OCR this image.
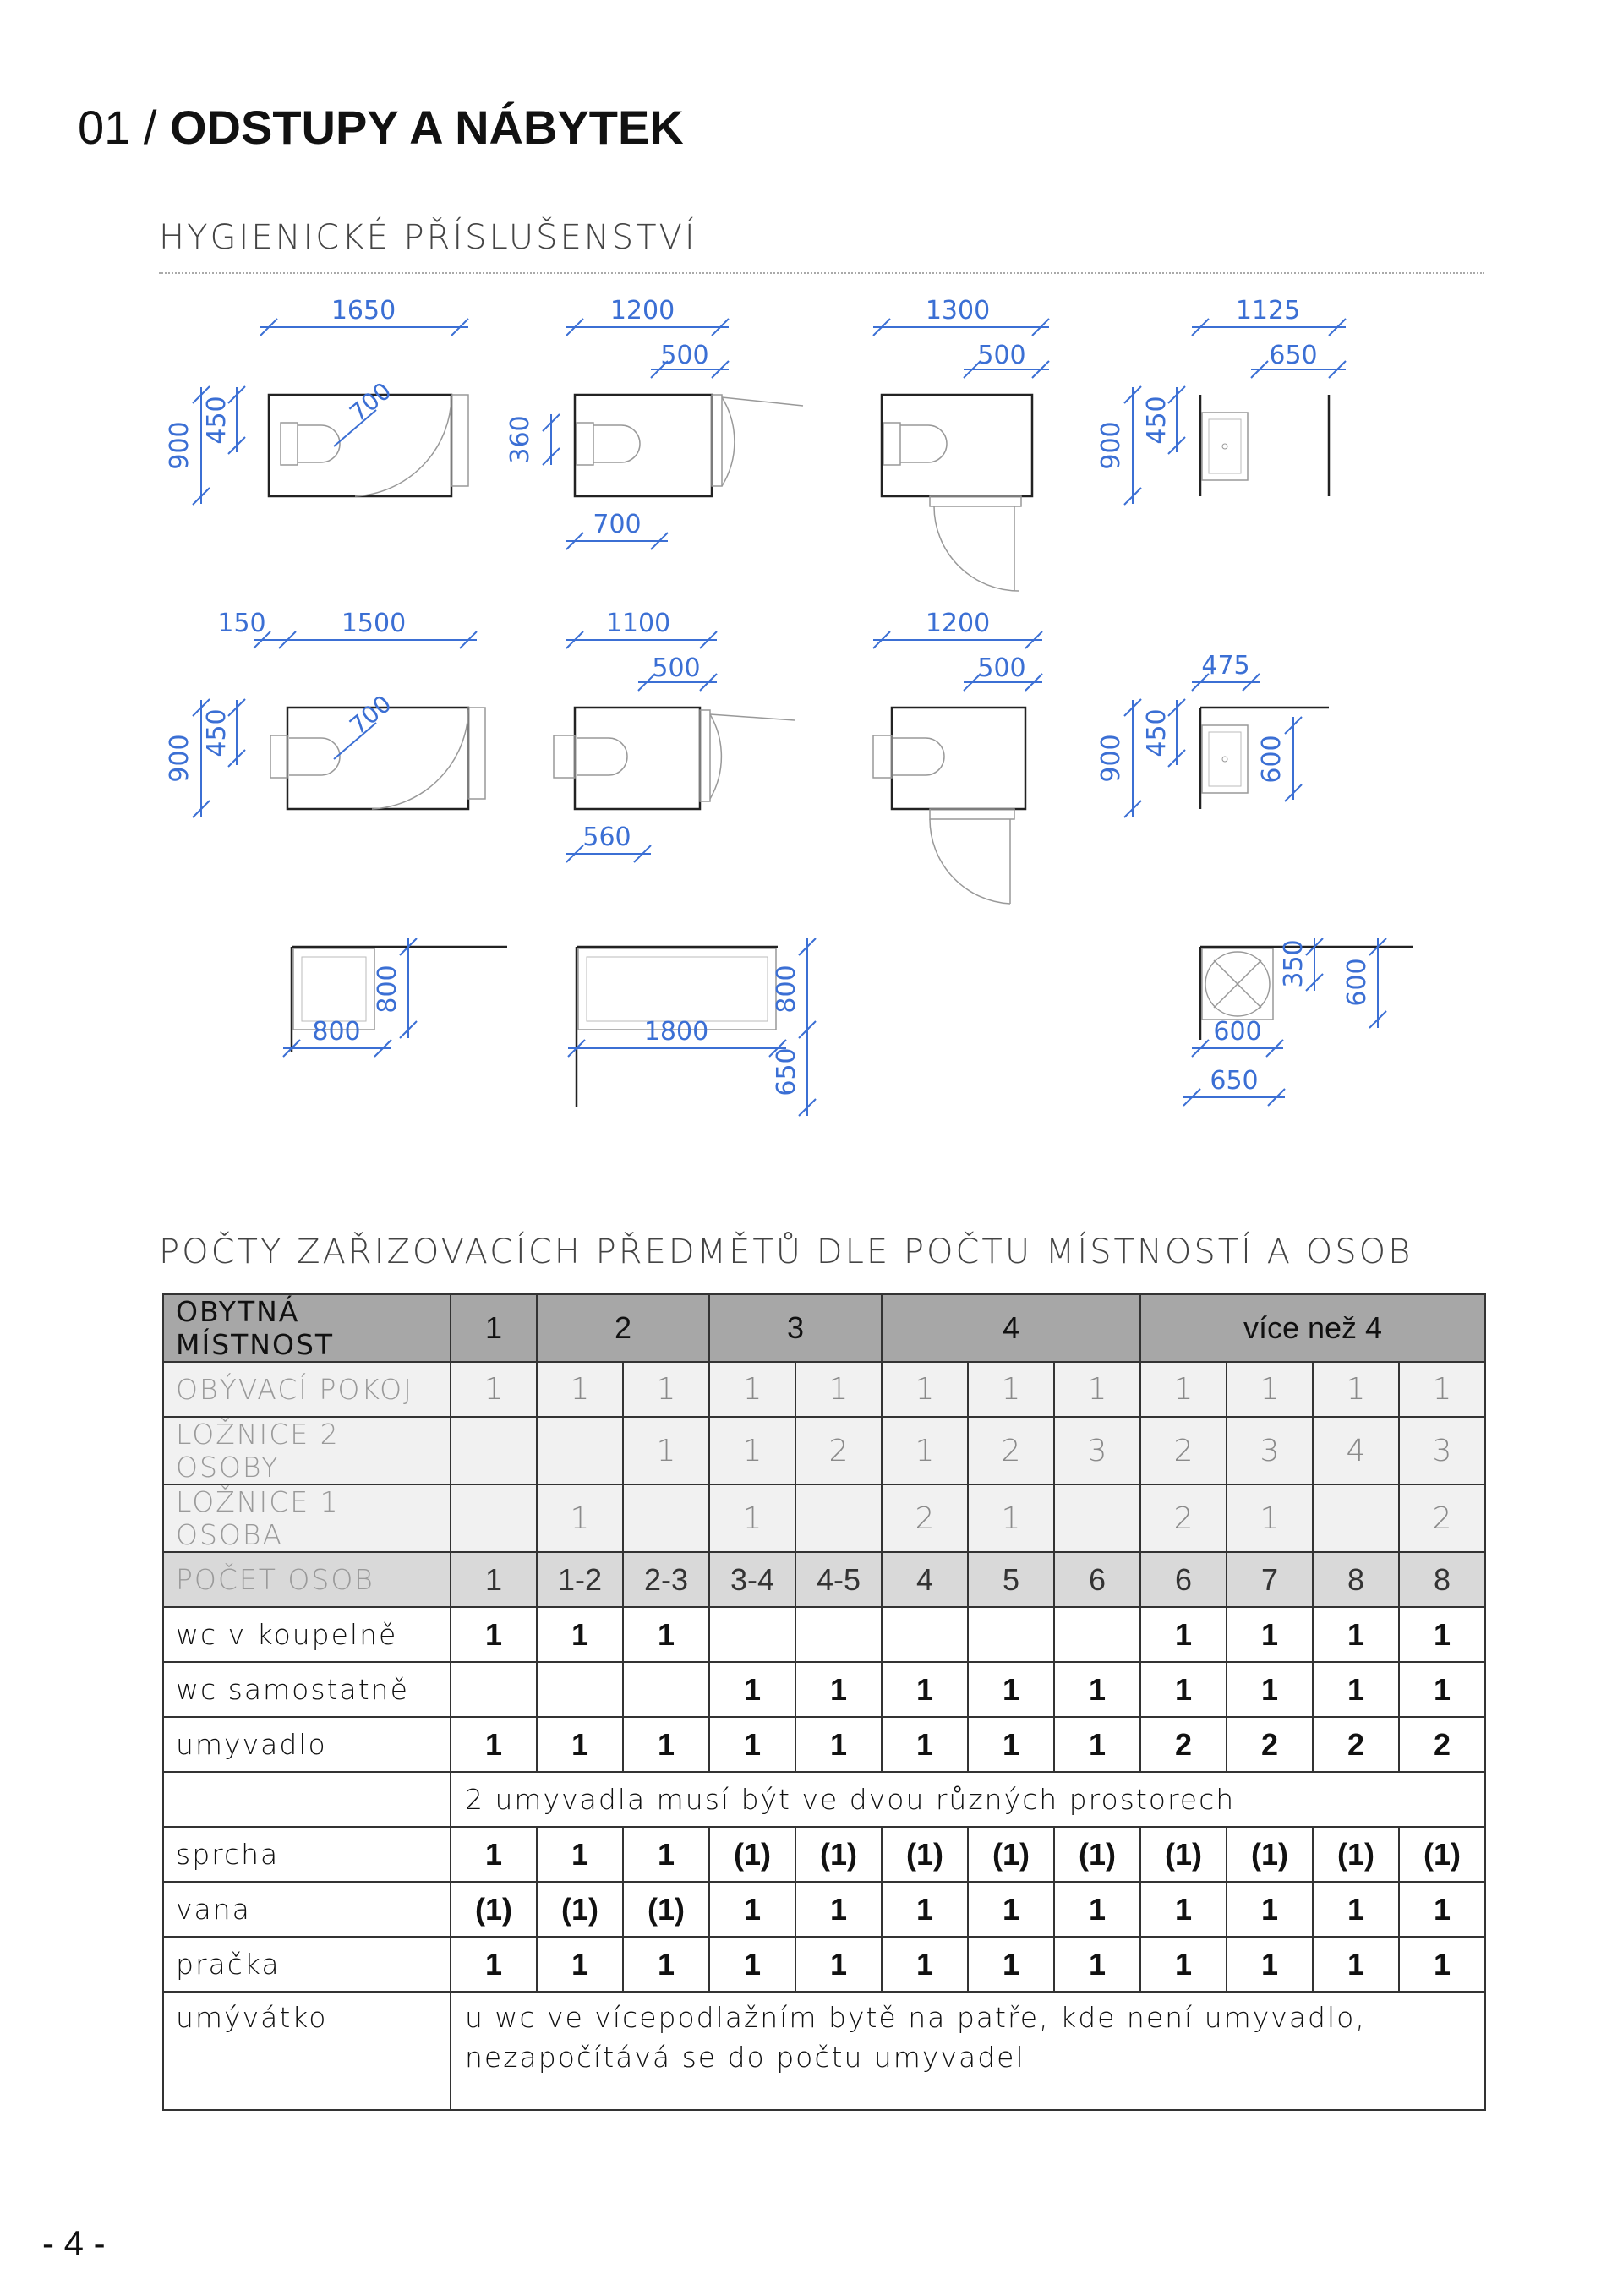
01 / ODSTUPY A NÁBYTEK
HYGIENICKÉ PŘÍSLUŠENSTVÍ
1650
900
450	700
1200
500
360
700
1300
500
1125
650
900
450
150	1500
900
450	700
1100
500
560
1200
500	475
900
450
600
800
800
1800
800
650
350 600
600
650
POČTY ZAŘIZOVACÍCH PŘEDMĚTŮ DLE POČTU MÍSTNOSTÍ A OSOB
OBYTNÁ MÍSTNOST	1	2		3		4			více než 4			
OBÝVACÍ POKOJ	1	1	1	1	1	1	1	1	1	1	1	1
LOŽNICE 2 OSOBY			1	1	2	1	2	3	2	3	4	3
LOŽNICE 1 OSOBA		1		1		2	1		2	1		2
POČET OSOB	1	1-2	2-3	3-4	4-5	4	5	6	6	7	8	8
wc v koupelně	1	1	1						1	1	1	1
wc samostatně				1	1	1	1	1	1	1	1	1
umyvadlo	1	1	1	1	1	1	1	1	2	2	2	2
	2 umyvadla musí být ve dvou různých prostorech											
sprcha	1	1	1	(1)	(1)	(1)	(1)	(1)	(1)	(1)	(1)	(1)
vana	(1)	(1)	(1)	1	1	1	1	1	1	1	1	1
pračka	1	1	1	1	1	1	1	1	1	1	1	1
umývátko	u wc ve vícepodlažním bytě na patře, kde není umyvadlo,
nezapočítává se do počtu umyvadel											
- 4 -
